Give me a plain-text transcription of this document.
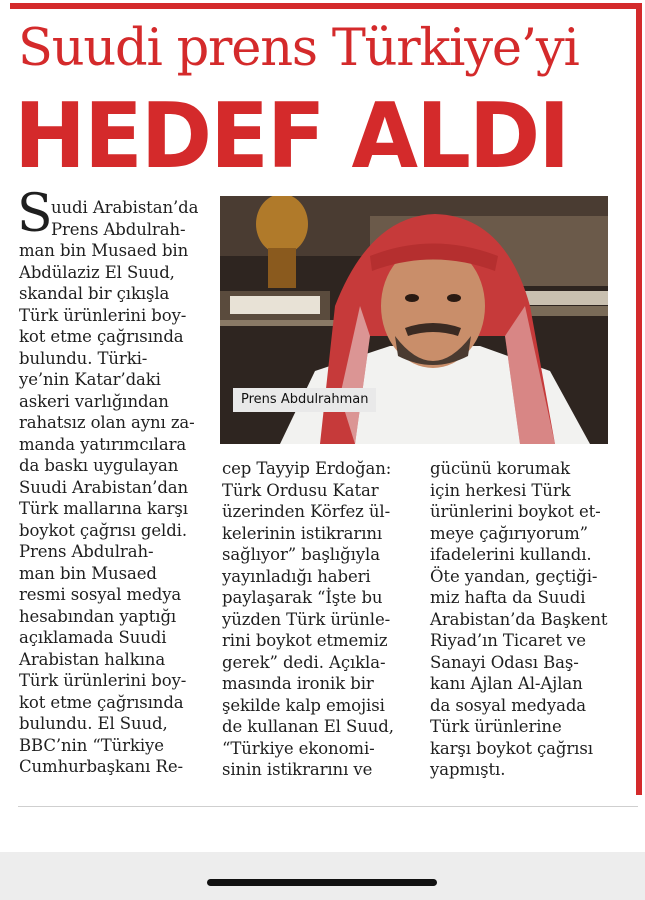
Suudi prens Türkiye’yi
HEDEF ALDI
Prens Abdulrahman
S
uudi Arabistan’da
Prens Abdulrah-
man bin Musaed bin
Abdülaziz El Suud,
skandal bir çıkışla
Türk ürünlerini boy-
kot etme çağrısında
bulundu. Türki-
ye’nin Katar’daki
askeri varlığından
rahatsız olan aynı za-
manda yatırımcılara
da baskı uygulayan
Suudi Arabistan’dan
Türk mallarına karşı
boykot çağrısı geldi.
Prens Abdulrah-
man bin Musaed
resmi sosyal medya
hesabından yaptığı
açıklamada Suudi
Arabistan halkına
Türk ürünlerini boy-
kot etme çağrısında
bulundu. El Suud,
BBC’nin “Türkiye
Cumhurbaşkanı Re-
cep Tayyip Erdoğan:
Türk Ordusu Katar
üzerinden Körfez ül-
kelerinin istikrarını
sağlıyor” başlığıyla
yayınladığı haberi
paylaşarak “İşte bu
yüzden Türk ürünle-
rini boykot etmemiz
gerek” dedi. Açıkla-
masında ironik bir
şekilde kalp emojisi
de kullanan El Suud,
“Türkiye ekonomi-
sinin istikrarını ve
gücünü korumak
için herkesi Türk
ürünlerini boykot et-
meye çağırıyorum”
ifadelerini kullandı.
Öte yandan, geçtiği-
miz hafta da Suudi
Arabistan’da Başkent
Riyad’ın Ticaret ve
Sanayi Odası Baş-
kanı Ajlan Al-Ajlan
da sosyal medyada
Türk ürünlerine
karşı boykot çağrısı
yapmıştı.
